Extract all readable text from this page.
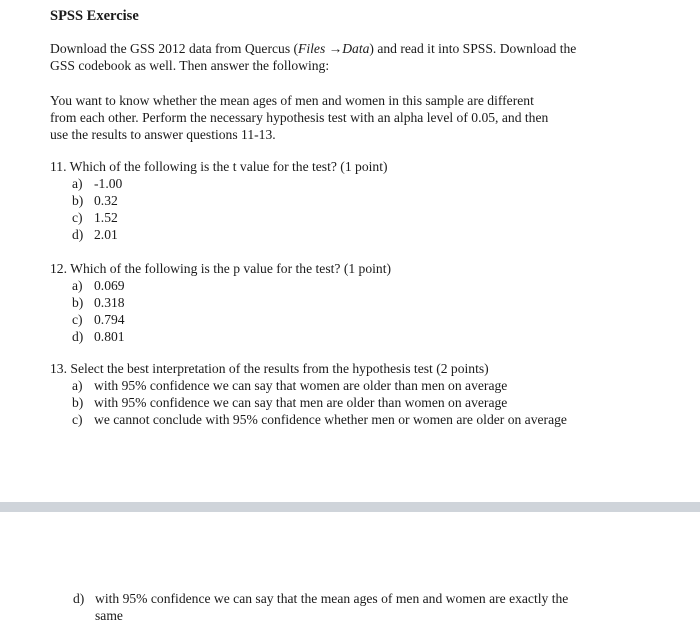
SPSS Exercise
Download the GSS 2012 data from Quercus (Files →Data) and read it into SPSS. Download the
GSS codebook as well. Then answer the following:
You want to know whether the mean ages of men and women in this sample are different
from each other. Perform the necessary hypothesis test with an alpha level of 0.05, and then
use the results to answer questions 11-13.
11. Which of the following is the t value for the test? (1 point)
a) -1.00
b) 0.32
c) 1.52
d) 2.01
12. Which of the following is the p value for the test? (1 point)
a) 0.069
b) 0.318
c) 0.794
d) 0.801
13. Select the best interpretation of the results from the hypothesis test (2 points)
a) with 95% confidence we can say that women are older than men on average
b) with 95% confidence we can say that men are older than women on average
c) we cannot conclude with 95% confidence whether men or women are older on average
d) with 95% confidence we can say that the mean ages of men and women are exactly the
same
